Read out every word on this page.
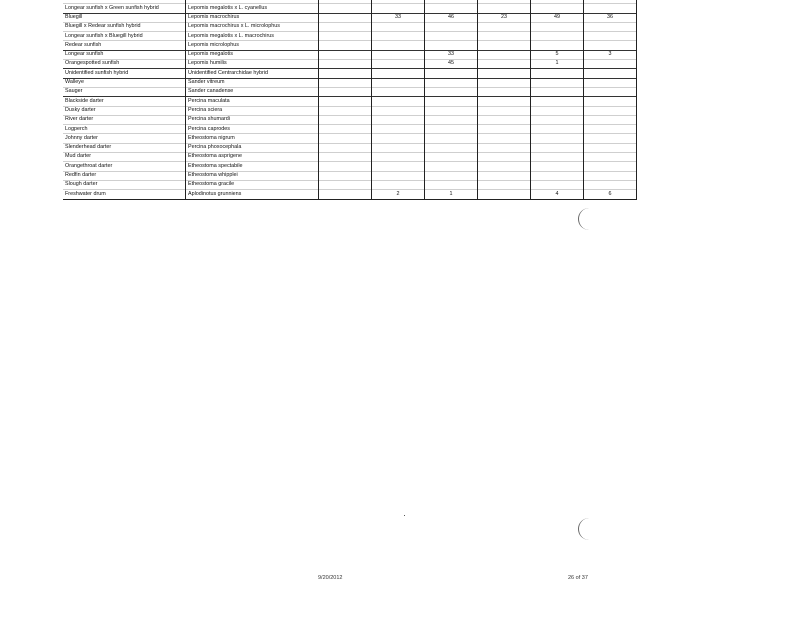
Longear sunfish x Green sunfish hybrid	Lepomis megalotis x L. cyanellus						
Bluegill	Lepomis macrochirus		33	46	23	49	36
Bluegill x Redear sunfish hybrid	Lepomis macrochirus x L. microlophus						
Longear sunfish x Bluegill hybrid	Lepomis megalotis x L. macrochirus						
Redear sunfish	Lepomis microlophus						
Longear sunfish	Lepomis megalotis			33		5	3
Orangespotted sunfish	Lepomis humilis			45		1	
Unidentified sunfish hybrid	Unidentified Centrarchidae hybrid						
Walleye	Sander vitreum						
Sauger	Sander canadense						
Blackside darter	Percina maculata						
Dusky darter	Percina sciera						
River darter	Percina shumardi						
Logperch	Percina caprodes						
Johnny darter	Etheostoma nigrum						
Slenderhead darter	Percina phoxocephala						
Mud darter	Etheostoma asprigene						
Orangethroat darter	Etheostoma spectabile						
Redfin darter	Etheostoma whipplei						
Slough darter	Etheostoma gracile						
Freshwater drum	Aplodinotus grunniens		2	1		4	6
9/20/2012	26 of 37
